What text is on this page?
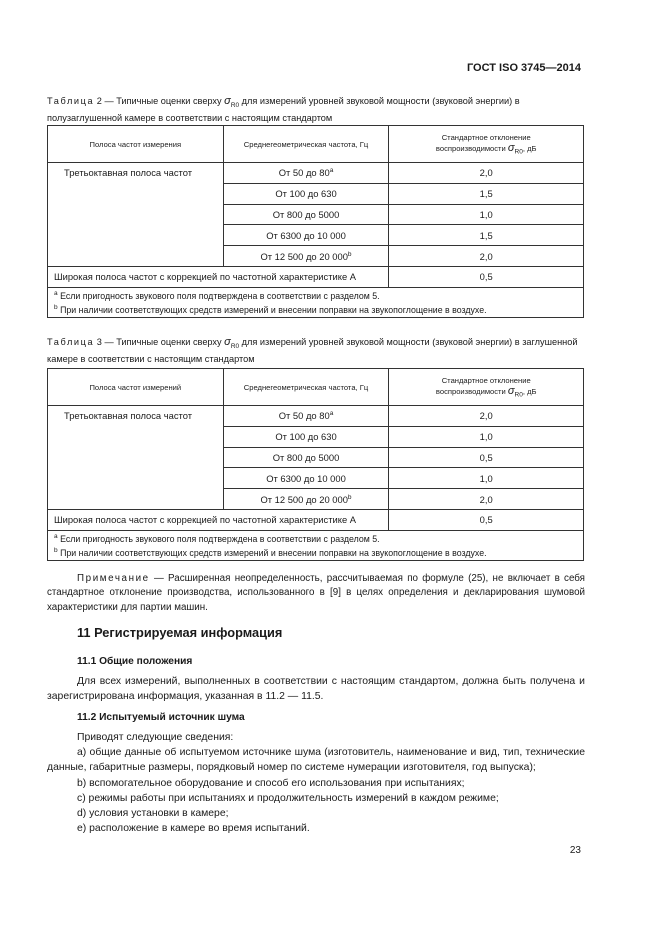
ГОСТ ISO 3745—2014
Таблица 2 — Типичные оценки сверху $\sigma_{R0}$ для измерений уровней звуковой мощности (звуковой энергии) в полузаглушенной камере в соответствии с настоящим стандартом
Полоса частот измерения	Среднегеометрическая частота, Гц	Стандартное отклонение
воспроизводимости $\sigma_{R0}$, дБ
Третьоктавная полоса частот	От 50 до 80$^a$	2,0
	От 100 до 630	1,5
	От 800 до 5000	1,0
	От 6300 до 10 000	1,5
	От 12 500 до 20 000$^b$	2,0
Широкая полоса частот с коррекцией по частотной характеристике А		0,5
$^a$ Если пригодность звукового поля подтверждена в соответствии с разделом 5.
$^b$ При наличии соответствующих средств измерений и внесении поправки на звукопоглощение в воздухе.		
Таблица 3 — Типичные оценки сверху $\sigma_{R0}$ для измерений уровней звуковой мощности (звуковой энергии) в заглушенной камере в соответствии с настоящим стандартом
Полоса частот измерений	Среднегеометрическая частота, Гц	Стандартное отклонение
воспроизводимости $\sigma_{R0}$, дБ
Третьоктавная полоса частот	От 50 до 80$^a$	2,0
	От 100 до 630	1,0
	От 800 до 5000	0,5
	От 6300 до 10 000	1,0
	От 12 500 до 20 000$^b$	2,0
Широкая полоса частот с коррекцией по частотной характеристике А		0,5
$^a$ Если пригодность звукового поля подтверждена в соответствии с разделом 5.
$^b$ При наличии соответствующих средств измерений и внесении поправки на звукопоглощение в воздухе.		
Примечание — Расширенная неопределенность, рассчитываемая по формуле (25), не включает в себя стандартное отклонение производства, использованного в [9] в целях определения и декларирования шумовой характеристики для партии машин.
11 Регистрируемая информация
11.1 Общие положения
Для всех измерений, выполненных в соответствии с настоящим стандартом, должна быть получена и зарегистрирована информация, указанная в 11.2 — 11.5.
11.2 Испытуемый источник шума
Приводят следующие сведения:
а) общие данные об испытуемом источнике шума (изготовитель, наименование и вид, тип, технические данные, габаритные размеры, порядковый номер по системе нумерации изготовителя, год выпуска);
b) вспомогательное оборудование и способ его использования при испытаниях;
c) режимы работы при испытаниях и продолжительность измерений в каждом режиме;
d) условия установки в камере;
e) расположение в камере во время испытаний.
23
